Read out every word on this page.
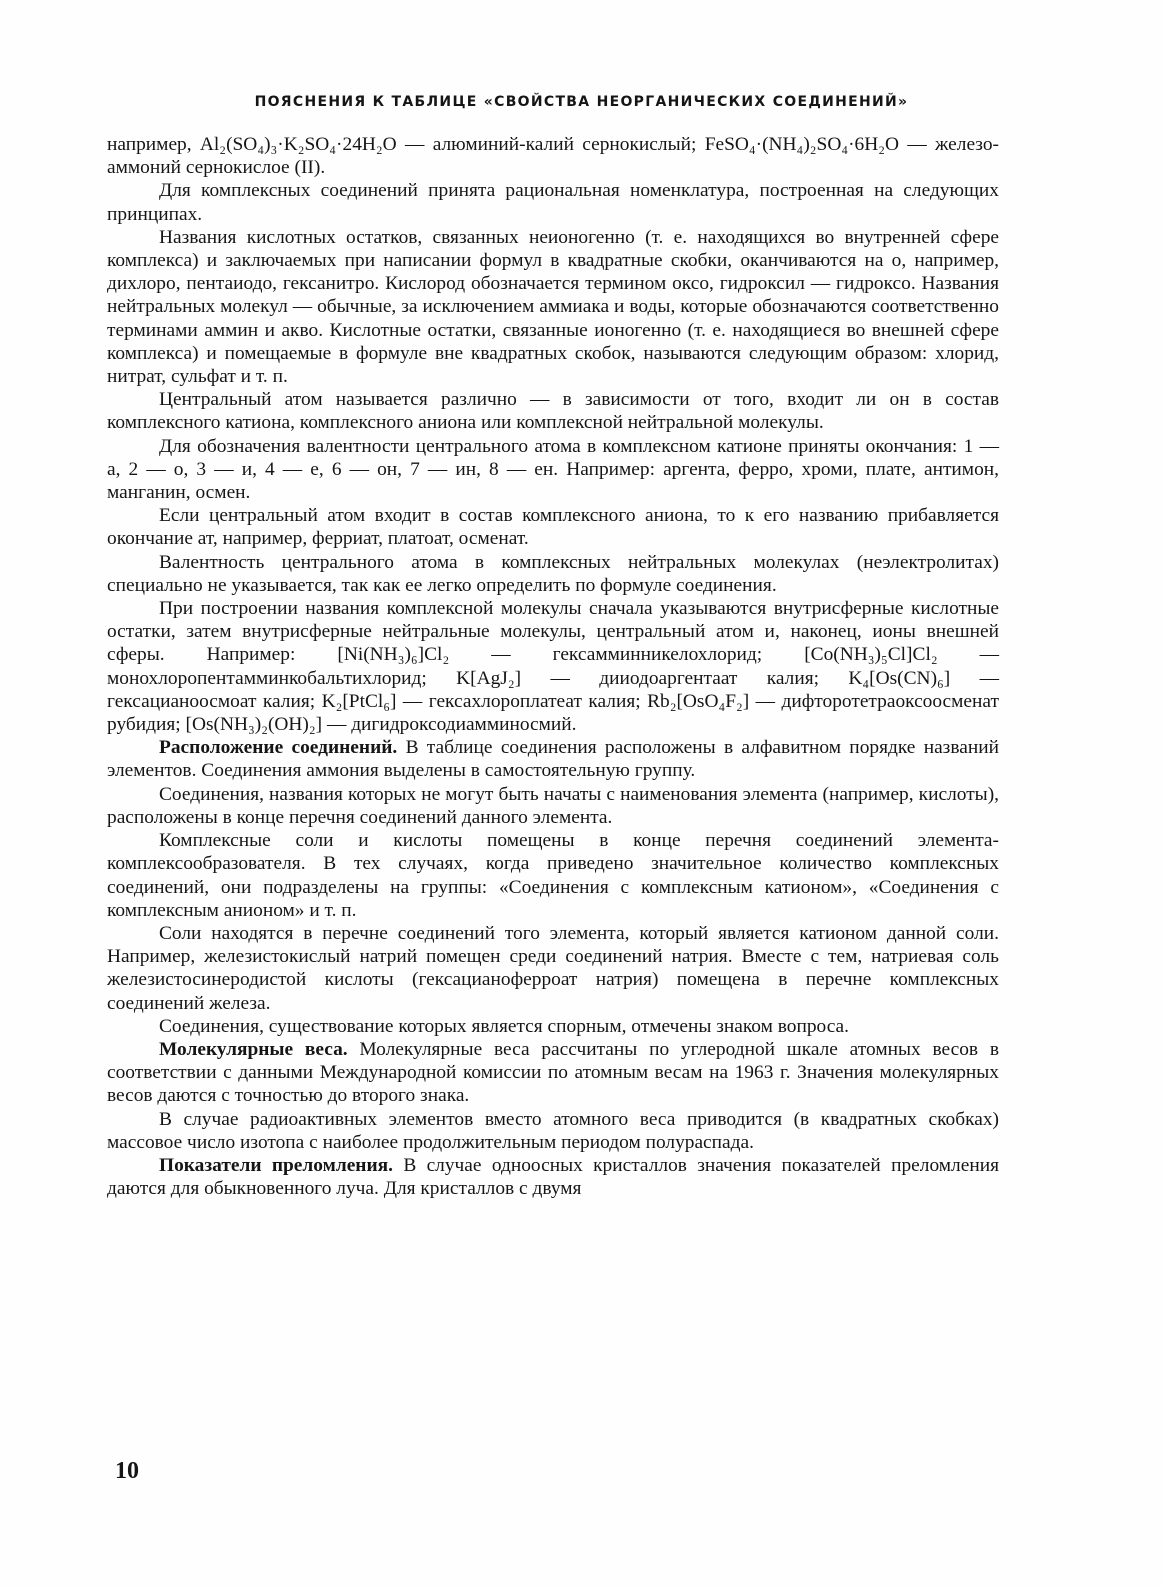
ПОЯСНЕНИЯ К ТАБЛИЦЕ «СВОЙСТВА НЕОРГАНИЧЕСКИХ СОЕДИНЕНИЙ»

например, Al₂(SO₄)₃·K₂SO₄·24H₂O — алюминий-калий сернокислый; FeSO₄·(NH₄)₂SO₄·6H₂O — железо-аммоний сернокислое (II).

Для комплексных соединений принята рациональная номенклатура, построенная на следующих принципах.

Названия кислотных остатков, связанных неионогенно (т. е. находящихся во внутренней сфере комплекса) и заключаемых при написании формул в квадратные скобки, оканчиваются на о, например, дихлоро, пентаиодо, гексанитро. Кислород обозначается термином оксо, гидроксил — гидроксо. Названия нейтральных молекул — обычные, за исключением аммиака и воды, которые обозначаются соответственно терминами аммин и акво. Кислотные остатки, связанные ионогенно (т. е. находящиеся во внешней сфере комплекса) и помещаемые в формуле вне квадратных скобок, называются следующим образом: хлорид, нитрат, сульфат и т. п.

Центральный атом называется различно — в зависимости от того, входит ли он в состав комплексного катиона, комплексного аниона или комплексной нейтральной молекулы.

Для обозначения валентности центрального атома в комплексном катионе приняты окончания: 1 — а, 2 — о, 3 — и, 4 — е, 6 — он, 7 — ин, 8 — ен. Например: аргента, ферро, хроми, плате, антимон, манганин, осмен.

Если центральный атом входит в состав комплексного аниона, то к его названию прибавляется окончание ат, например, ферриат, платоат, осменат.

Валентность центрального атома в комплексных нейтральных молекулах (неэлектролитах) специально не указывается, так как ее легко определить по формуле соединения.

При построении названия комплексной молекулы сначала указываются внутрисферные кислотные остатки, затем внутрисферные нейтральные молекулы, центральный атом и, наконец, ионы внешней сферы. Например: [Ni(NH₃)₆]Cl₂ — гексамминникелохлорид; [Co(NH₃)₅Cl]Cl₂ — монохлоропентамминкобальтихлорид; K[AgJ₂] — дииодоаргентаат калия; K₄[Os(CN)₆] — гексацианоосмоат калия; K₂[PtCl₆] — гексахлороплатеат калия; Rb₂[OsO₄F₂] — дифторотетраоксоосменат рубидия; [Os(NH₃)₂(OH)₂] — дигидроксодиамминосмий.

Расположение соединений. В таблице соединения расположены в алфавитном порядке названий элементов. Соединения аммония выделены в самостоятельную группу.

Соединения, названия которых не могут быть начаты с наименования элемента (например, кислоты), расположены в конце перечня соединений данного элемента.

Комплексные соли и кислоты помещены в конце перечня соединений элемента-комплексообразователя. В тех случаях, когда приведено значительное количество комплексных соединений, они подразделены на группы: «Соединения с комплексным катионом», «Соединения с комплексным анионом» и т. п.

Соли находятся в перечне соединений того элемента, который является катионом данной соли. Например, железистокислый натрий помещен среди соединений натрия. Вместе с тем, натриевая соль железистосинеродистой кислоты (гексацианоферроат натрия) помещена в перечне комплексных соединений железа.

Соединения, существование которых является спорным, отмечены знаком вопроса.

Молекулярные веса. Молекулярные веса рассчитаны по углеродной шкале атомных весов в соответствии с данными Международной комиссии по атомным весам на 1963 г. Значения молекулярных весов даются с точностью до второго знака.

В случае радиоактивных элементов вместо атомного веса приводится (в квадратных скобках) массовое число изотопа с наиболее продолжительным периодом полураспада.

Показатели преломления. В случае одноосных кристаллов значения показателей преломления даются для обыкновенного луча. Для кристаллов с двумя

10
